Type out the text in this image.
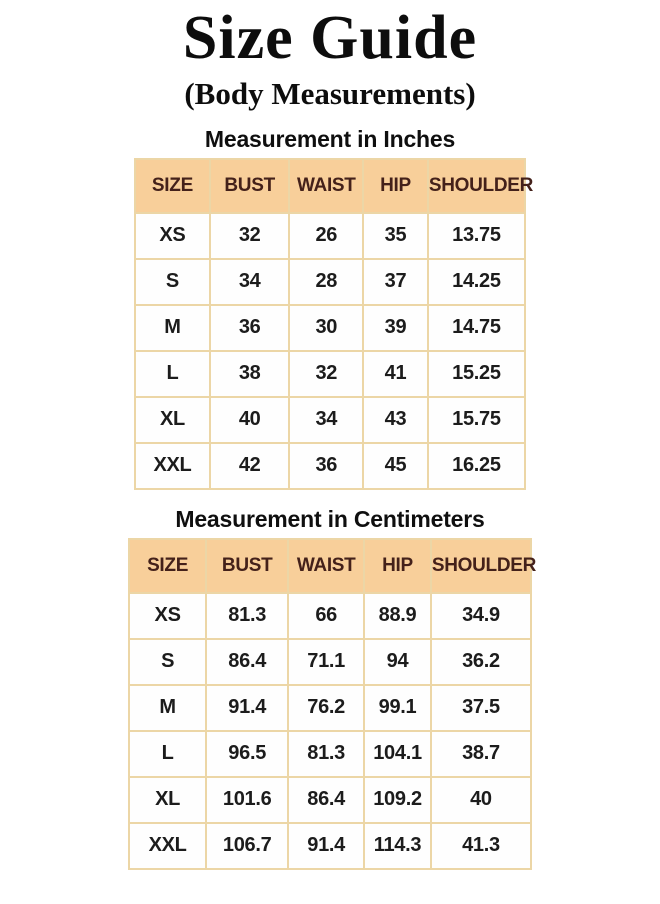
Size Guide
(Body Measurements)
Measurement in Inches
SIZE	BUST	WAIST	HIP	SHOULDER
XS	32	26	35	13.75
S	34	28	37	14.25
M	36	30	39	14.75
L	38	32	41	15.25
XL	40	34	43	15.75
XXL	42	36	45	16.25
Measurement in Centimeters
SIZE	BUST	WAIST	HIP	SHOULDER
XS	81.3	66	88.9	34.9
S	86.4	71.1	94	36.2
M	91.4	76.2	99.1	37.5
L	96.5	81.3	104.1	38.7
XL	101.6	86.4	109.2	40
XXL	106.7	91.4	114.3	41.3
